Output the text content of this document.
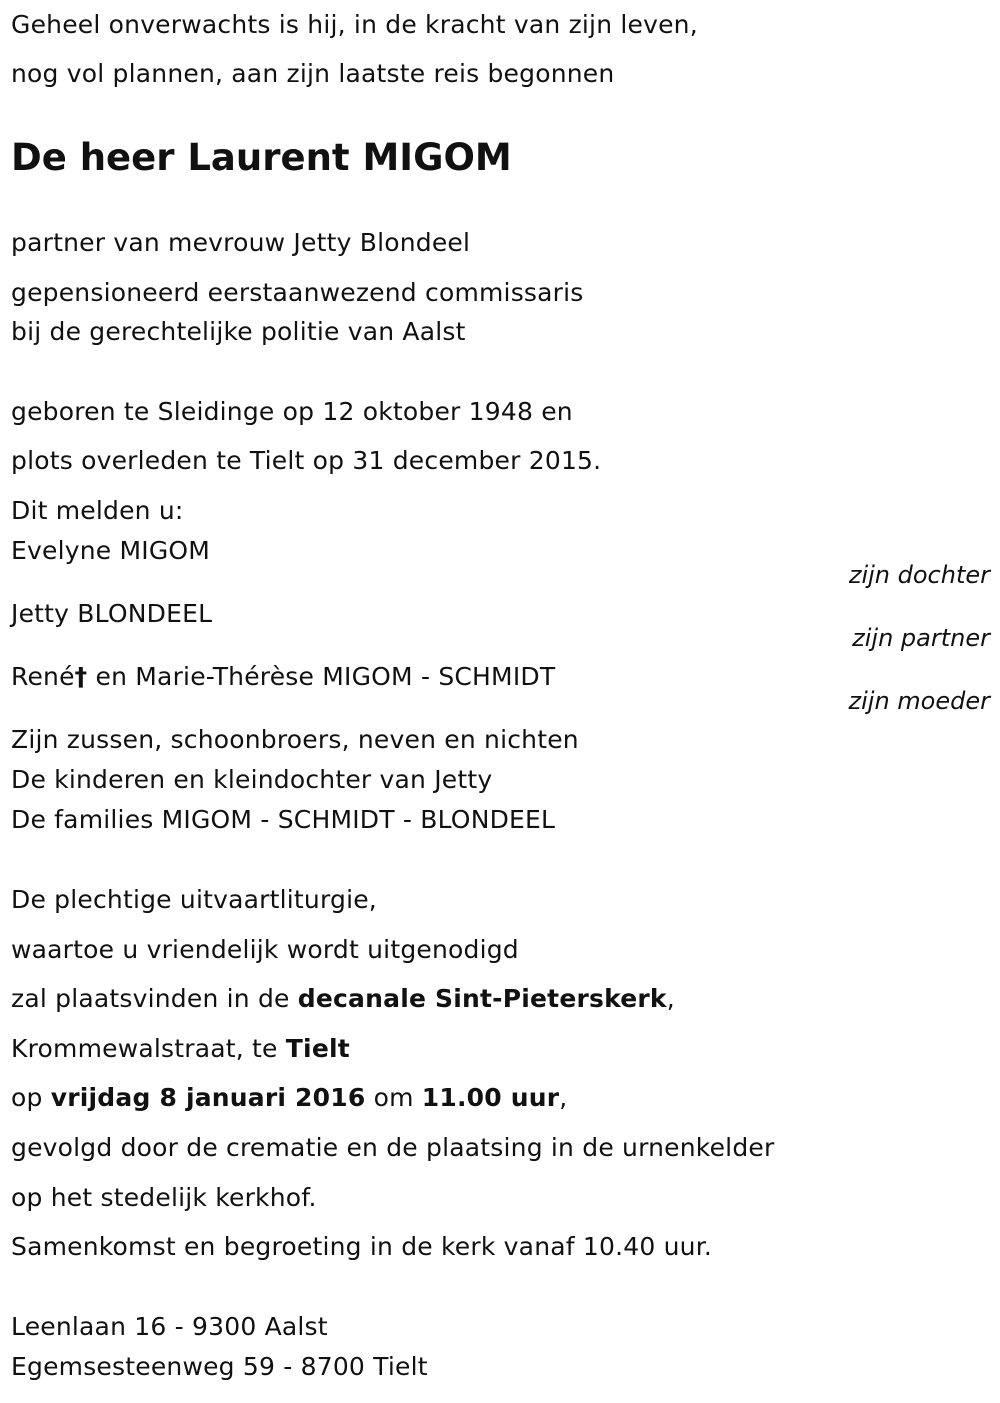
Geheel onverwachts is hij, in de kracht van zijn leven,
nog vol plannen, aan zijn laatste reis begonnen
De heer Laurent MIGOM
partner van mevrouw Jetty Blondeel
gepensioneerd eerstaanwezend commissaris
bij de gerechtelijke politie van Aalst
geboren te Sleidinge op 12 oktober 1948 en
plots overleden te Tielt op 31 december 2015.
Dit melden u:
Evelyne MIGOM
zijn dochter
Jetty BLONDEEL
zijn partner
René† en Marie-Thérèse MIGOM - SCHMIDT
zijn moeder
Zijn zussen, schoonbroers, neven en nichten
De kinderen en kleindochter van Jetty
De families MIGOM - SCHMIDT - BLONDEEL
De plechtige uitvaartliturgie,
waartoe u vriendelijk wordt uitgenodigd
zal plaatsvinden in de decanale Sint-Pieterskerk,
Krommewalstraat, te Tielt
op vrijdag 8 januari 2016 om 11.00 uur,
gevolgd door de crematie en de plaatsing in de urnenkelder
op het stedelijk kerkhof.
Samenkomst en begroeting in de kerk vanaf 10.40 uur.
Leenlaan 16 - 9300 Aalst
Egemsesteenweg 59 - 8700 Tielt
